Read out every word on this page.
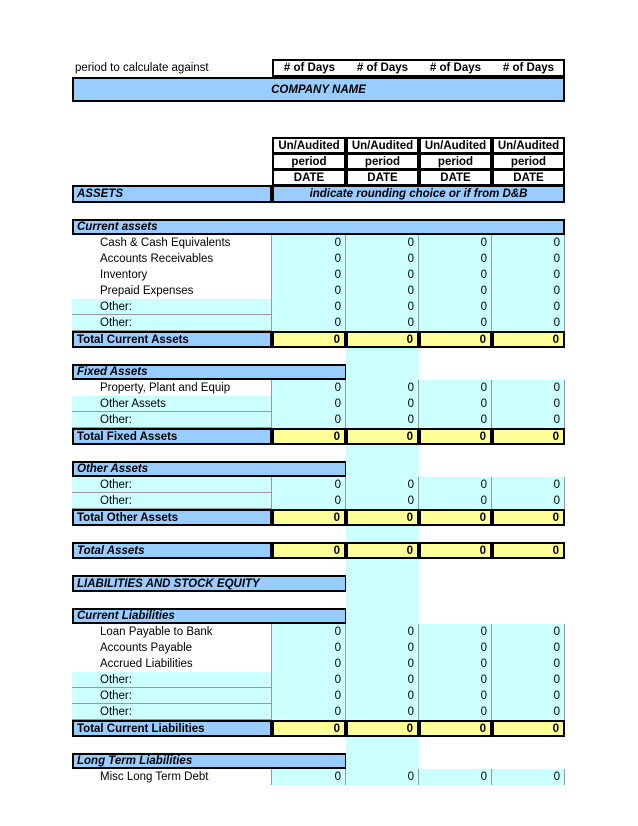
period to calculate against	# of Days	# of Days	# of Days	# of Days
COMPANY NAME
Un/Audited	Un/Audited	Un/Audited	Un/Audited
period	period	period	period
DATE	DATE	DATE	DATE
ASSETS	indicate rounding choice or if from D&B
Current assets
Cash & Cash Equivalents	0	0	0	0
Accounts Receivables	0	0	0	0
Inventory	0	0	0	0
Prepaid Expenses	0	0	0	0
Other:	0	0	0	0
Other:	0	0	0	0
Total Current Assets	0	0	0	0
Fixed Assets
Property, Plant and Equip	0	0	0	0
Other Assets	0	0	0	0
Other:	0	0	0	0
Total Fixed Assets	0	0	0	0
Other Assets
Other:	0	0	0	0
Other:	0	0	0	0
Total Other Assets	0	0	0	0
Total Assets	0	0	0	0
LIABILITIES AND STOCK EQUITY
Current Liabilities
Loan Payable to Bank	0	0	0	0
Accounts Payable	0	0	0	0
Accrued Liabilities	0	0	0	0
Other:	0	0	0	0
Other:	0	0	0	0
Other:	0	0	0	0
Total Current Liabilities	0	0	0	0
Long Term Liabilities
Misc Long Term Debt	0	0	0	0
